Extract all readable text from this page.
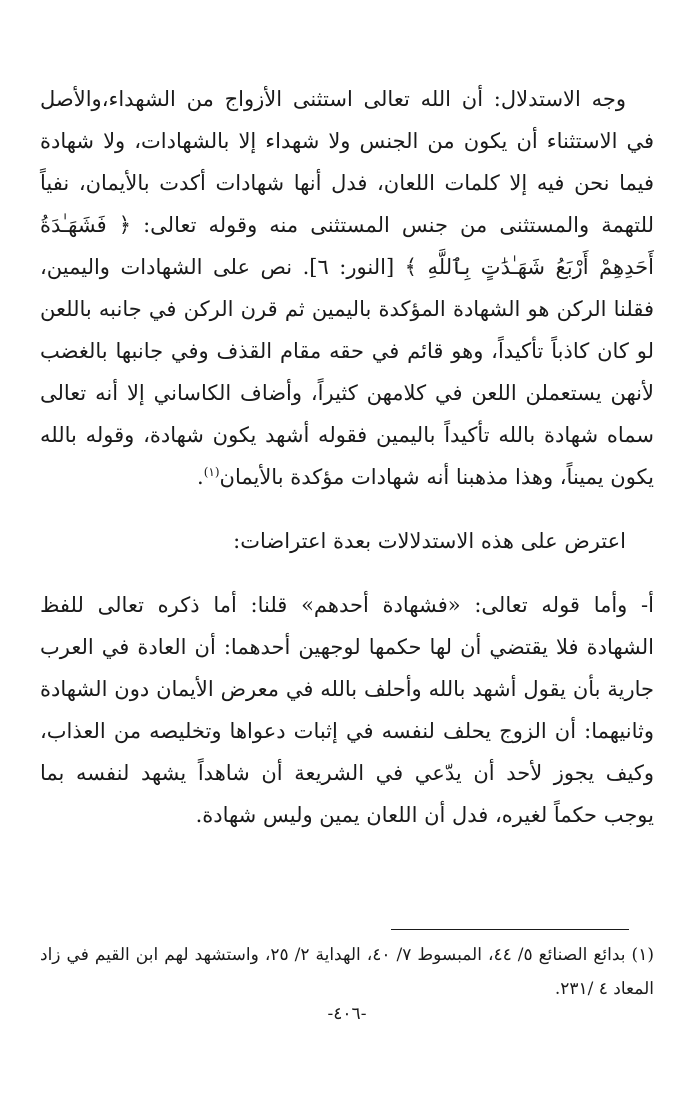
وجه الاستدلال: أن الله تعالى استثنى الأزواج من الشهداء،والأصل في الاستثناء أن يكون من الجنس ولا شهداء إلا بالشهادات، ولا شهادة فيما نحن فيه إلا كلمات اللعان، فدل أنها شهادات أكدت بالأيمان، نفياً للتهمة والمستثنى من جنس المستثنى منه وقوله تعالى: ﴿ فَشَهَـٰدَةُ أَحَدِهِمْ أَرْبَعُ شَهَـٰدَٰتٍ بِٱللَّهِ ﴾ [النور: ٦]. نص على الشهادات واليمين، فقلنا الركن هو الشهادة المؤكدة باليمين ثم قرن الركن في جانبه باللعن لو كان كاذباً تأكيداً، وهو قائم في حقه مقام القذف وفي جانبها بالغضب لأنهن يستعملن اللعن في كلامهن كثيراً، وأضاف الكاساني إلا أنه تعالى سماه شهادة بالله تأكيداً باليمين فقوله أشهد يكون شهادة، وقوله بالله يكون يميناً، وهذا مذهبنا أنه شهادات مؤكدة بالأيمان$^{(١)}$.

اعترض على هذه الاستدلالات بعدة اعتراضات:

أ- وأما قوله تعالى: «فشهادة أحدهم» قلنا: أما ذكره تعالى للفظ الشهادة فلا يقتضي أن لها حكمها لوجهين أحدهما: أن العادة في العرب جارية بأن يقول أشهد بالله وأحلف بالله في معرض الأيمان دون الشهادة وثانيهما: أن الزوج يحلف لنفسه في إثبات دعواها وتخليصه من العذاب، وكيف يجوز لأحد أن يدّعي في الشريعة أن شاهداً يشهد لنفسه بما يوجب حكماً لغيره، فدل أن اللعان يمين وليس شهادة.

(١) بدائع الصنائع ٥/ ٤٤، المبسوط ٧/ ٤٠، الهداية ٢/ ٢٥، واستشهد لهم ابن القيم في زاد المعاد ٤ /٢٣١.

-٤٠٦-
